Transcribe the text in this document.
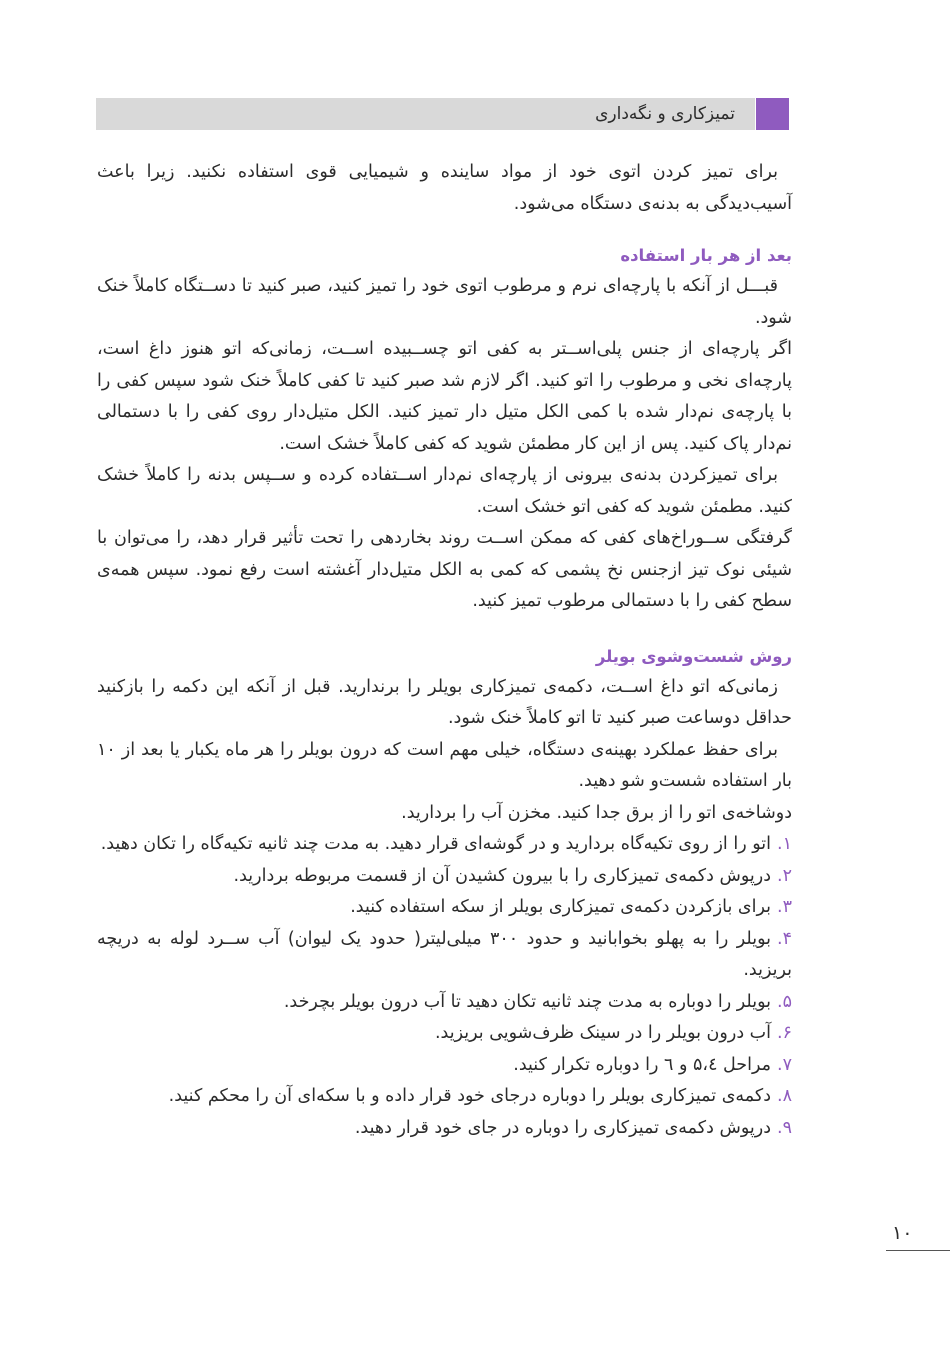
تمیزکاری و نگه‌داری

برای تمیز کردن اتوی خود از مواد ساینده و شیمیایی قوی استفاده نکنید. زیرا باعث آسیب‌دیدگی به بدنه‌ی دستگاه می‌شود.

بعد از هر بار استفاده

قبـــل از آنکه با پارچه‌ای نرم و مرطوب اتوی خود را تمیز کنید، صبر کنید تا دســتگاه کاملاً خنک شود.

اگر پارچه‌ای از جنس پلی‌اســتر به کفی اتو چســبیده اســت، زمانی‌که اتو هنوز داغ است، پارچه‌ای نخی و مرطوب را اتو کنید. اگر لازم شد صبر کنید تا کفی کاملاً خنک شود سپس کفی را با پارچه‌ی نم‌دار شده با کمی الکل متیل دار تمیز کنید. الکل متیل‌دار روی کفی را با دستمالی نم‌دار پاک کنید. پس از این کار مطمئن شوید که کفی کاملاً خشک است.

برای تمیزکردن بدنه‌ی بیرونی از پارچه‌ای نم‌دار اســتفاده کرده و ســپس بدنه را کاملاً خشک کنید. مطمئن شوید که کفی اتو خشک است.

گرفتگی ســوراخ‌های کفی که ممکن اســت روند بخاردهی را تحت تأثیر قرار دهد، را می‌توان با شیئی نوک تیز ازجنس نخ پشمی که کمی به الکل متیل‌دار آغشته است رفع نمود. سپس همه‌ی سطح کفی را با دستمالی مرطوب تمیز کنید.

روش شست‌وشوی بویلر

زمانی‌که اتو داغ اســت، دکمه‌ی تمیزکاری بویلر را برندارید. قبل از آنکه این دکمه را بازکنید حداقل دوساعت صبر کنید تا اتو کاملاً خنک شود.

برای حفظ عملکرد بهینه‌ی دستگاه، خیلی مهم است که درون بویلر را هر ماه یکبار یا بعد از ۱۰ بار استفاده شست‌و شو دهید.

دوشاخه‌ی اتو را از برق جدا کنید. مخزن آب را بردارید.

۱.اتو را از روی تکیه‌گاه بردارید و در گوشه‌ای قرار دهید. به مدت چند ثانیه تکیه‌گاه را تکان دهید.
۲.درپوش دکمه‌ی تمیزکاری را با بیرون کشیدن آن از قسمت مربوطه بردارید.
۳.برای بازکردن دکمه‌ی تمیزکاری بویلر از سکه استفاده کنید.
۴.بویلر را به پهلو بخوابانید و حدود ۳۰۰ میلی‌لیتر( حدود یک لیوان) آب ســرد لوله به دریچه بریزید.
۵.بویلر را دوباره به مدت چند ثانیه تکان دهید تا آب درون بویلر بچرخد.
۶.آب درون بویلر را در سینک ظرف‌شویی بریزید.
۷.مراحل ۵،٤ و ٦ را دوباره تکرار کنید.
۸.دکمه‌ی تمیزکاری بویلر را دوباره درجای خود قرار داده و با سکه‌ای آن را محکم کنید.
۹.درپوش دکمه‌ی تمیزکاری را دوباره در جای خود قرار دهید.
۱۰
